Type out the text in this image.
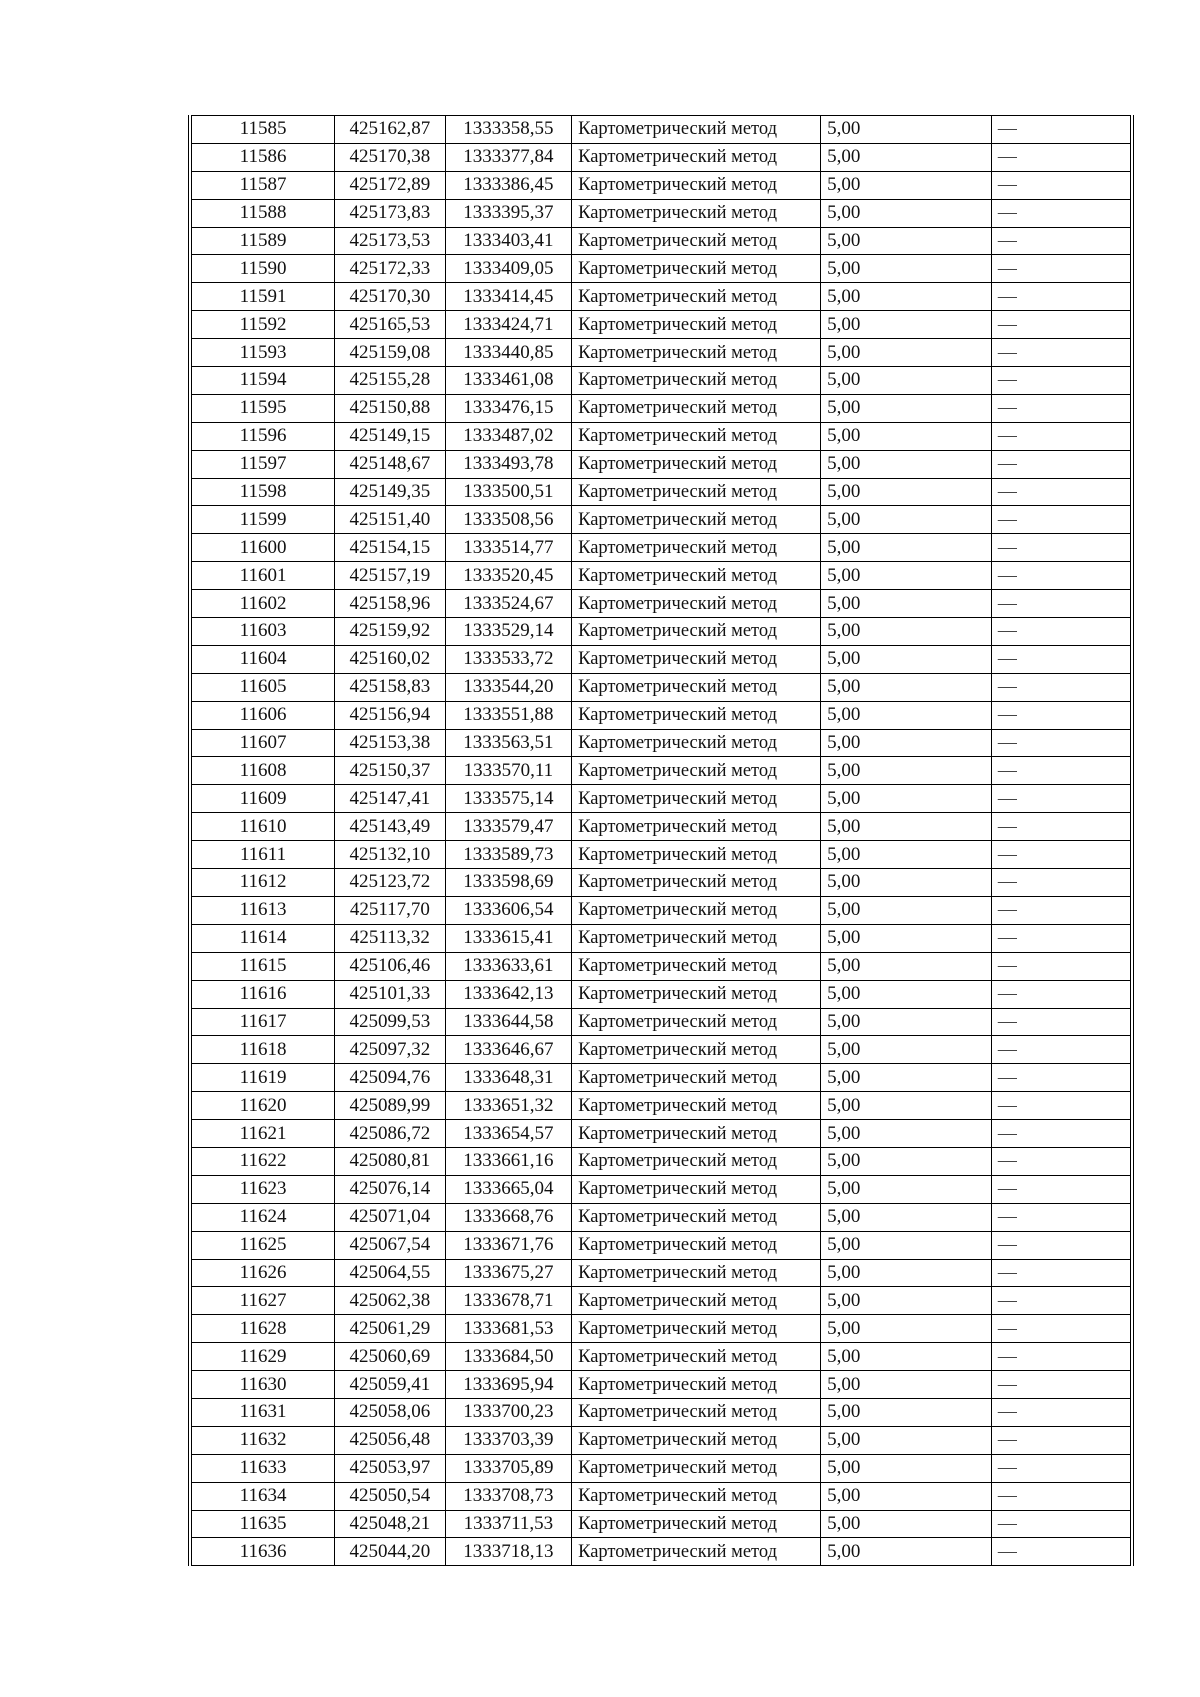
11585	425162,87	1333358,55	Картометрический метод	5,00	—
11586	425170,38	1333377,84	Картометрический метод	5,00	—
11587	425172,89	1333386,45	Картометрический метод	5,00	—
11588	425173,83	1333395,37	Картометрический метод	5,00	—
11589	425173,53	1333403,41	Картометрический метод	5,00	—
11590	425172,33	1333409,05	Картометрический метод	5,00	—
11591	425170,30	1333414,45	Картометрический метод	5,00	—
11592	425165,53	1333424,71	Картометрический метод	5,00	—
11593	425159,08	1333440,85	Картометрический метод	5,00	—
11594	425155,28	1333461,08	Картометрический метод	5,00	—
11595	425150,88	1333476,15	Картометрический метод	5,00	—
11596	425149,15	1333487,02	Картометрический метод	5,00	—
11597	425148,67	1333493,78	Картометрический метод	5,00	—
11598	425149,35	1333500,51	Картометрический метод	5,00	—
11599	425151,40	1333508,56	Картометрический метод	5,00	—
11600	425154,15	1333514,77	Картометрический метод	5,00	—
11601	425157,19	1333520,45	Картометрический метод	5,00	—
11602	425158,96	1333524,67	Картометрический метод	5,00	—
11603	425159,92	1333529,14	Картометрический метод	5,00	—
11604	425160,02	1333533,72	Картометрический метод	5,00	—
11605	425158,83	1333544,20	Картометрический метод	5,00	—
11606	425156,94	1333551,88	Картометрический метод	5,00	—
11607	425153,38	1333563,51	Картометрический метод	5,00	—
11608	425150,37	1333570,11	Картометрический метод	5,00	—
11609	425147,41	1333575,14	Картометрический метод	5,00	—
11610	425143,49	1333579,47	Картометрический метод	5,00	—
11611	425132,10	1333589,73	Картометрический метод	5,00	—
11612	425123,72	1333598,69	Картометрический метод	5,00	—
11613	425117,70	1333606,54	Картометрический метод	5,00	—
11614	425113,32	1333615,41	Картометрический метод	5,00	—
11615	425106,46	1333633,61	Картометрический метод	5,00	—
11616	425101,33	1333642,13	Картометрический метод	5,00	—
11617	425099,53	1333644,58	Картометрический метод	5,00	—
11618	425097,32	1333646,67	Картометрический метод	5,00	—
11619	425094,76	1333648,31	Картометрический метод	5,00	—
11620	425089,99	1333651,32	Картометрический метод	5,00	—
11621	425086,72	1333654,57	Картометрический метод	5,00	—
11622	425080,81	1333661,16	Картометрический метод	5,00	—
11623	425076,14	1333665,04	Картометрический метод	5,00	—
11624	425071,04	1333668,76	Картометрический метод	5,00	—
11625	425067,54	1333671,76	Картометрический метод	5,00	—
11626	425064,55	1333675,27	Картометрический метод	5,00	—
11627	425062,38	1333678,71	Картометрический метод	5,00	—
11628	425061,29	1333681,53	Картометрический метод	5,00	—
11629	425060,69	1333684,50	Картометрический метод	5,00	—
11630	425059,41	1333695,94	Картометрический метод	5,00	—
11631	425058,06	1333700,23	Картометрический метод	5,00	—
11632	425056,48	1333703,39	Картометрический метод	5,00	—
11633	425053,97	1333705,89	Картометрический метод	5,00	—
11634	425050,54	1333708,73	Картометрический метод	5,00	—
11635	425048,21	1333711,53	Картометрический метод	5,00	—
11636	425044,20	1333718,13	Картометрический метод	5,00	—
